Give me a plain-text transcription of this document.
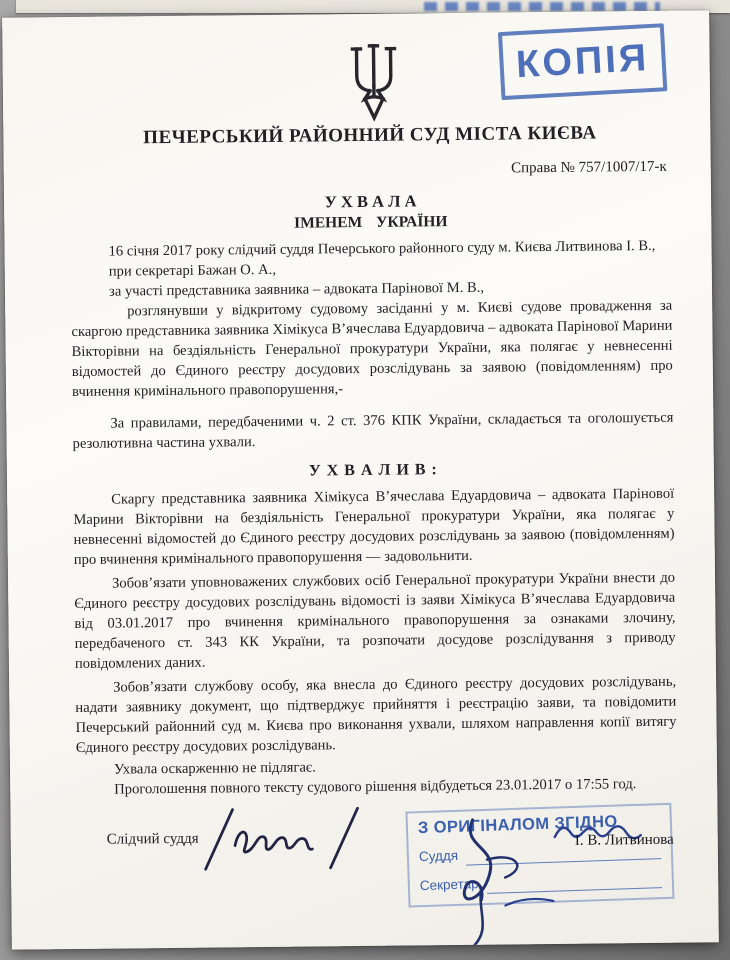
КОПІЯ
ПЕЧЕРСЬКИЙ РАЙОННИЙ СУД МІСТА КИЄВА
Справа № 757/1007/17-к
У Х В А Л А
ІМЕНЕМ УКРАЇНИ

16 січня 2017 року слідчий суддя Печерського районного суду м. Києва Литвинова І. В.,

при секретарі Бажан О. А.,

за участі представника заявника – адвоката Парінової М. В.,

розглянувши у відкритому судовому засіданні у м. Києві судове провадження за скаргою представника заявника Хімікуса В’ячеслава Едуардовича – адвоката Парінової Марини Вікторівни на бездіяльність Генеральної прокуратури України, яка полягає у невнесенні відомостей до Єдиного реєстру досудових розслідувань за заявою (повідомленням) про вчинення кримінального правопорушення,-

За правилами, передбаченими ч. 2 ст. 376 КПК України, складається та оголошується резолютивна частина ухвали.

У Х В А Л И В :

Скаргу представника заявника Хімікуса В’ячеслава Едуардовича – адвоката Парінової Марини Вікторівни на бездіяльність Генеральної прокуратури України, яка полягає у невнесенні відомостей до Єдиного реєстру досудових розслідувань за заявою (повідомленням) про вчинення кримінального правопорушення — задовольнити.

Зобов’язати уповноважених службових осіб Генеральної прокуратури України внести до Єдиного реєстру досудових розслідувань відомості із заяви Хімікуса В’ячеслава Едуардовича від 03.01.2017 про вчинення кримінального правопорушення за ознаками злочину, передбаченого ст. 343 КК України, та розпочати досудове розслідування з приводу повідомлених даних.

Зобов’язати службову особу, яка внесла до Єдиного реєстру досудових розслідувань, надати заявнику документ, що підтверджує прийняття і реєстрацію заяви, та повідомити Печерський районний суд м. Києва про виконання ухвали, шляхом направлення копії витягу Єдиного реєстру досудових розслідувань.

Ухвала оскарженню не підлягає.

Проголошення повного тексту судового рішення відбудеться 23.01.2017 о 17:55 год.

Слідчий суддя
З ОРИГІНАЛОМ ЗГІДНО
Суддя
Секретар
І. В. Литвинова
